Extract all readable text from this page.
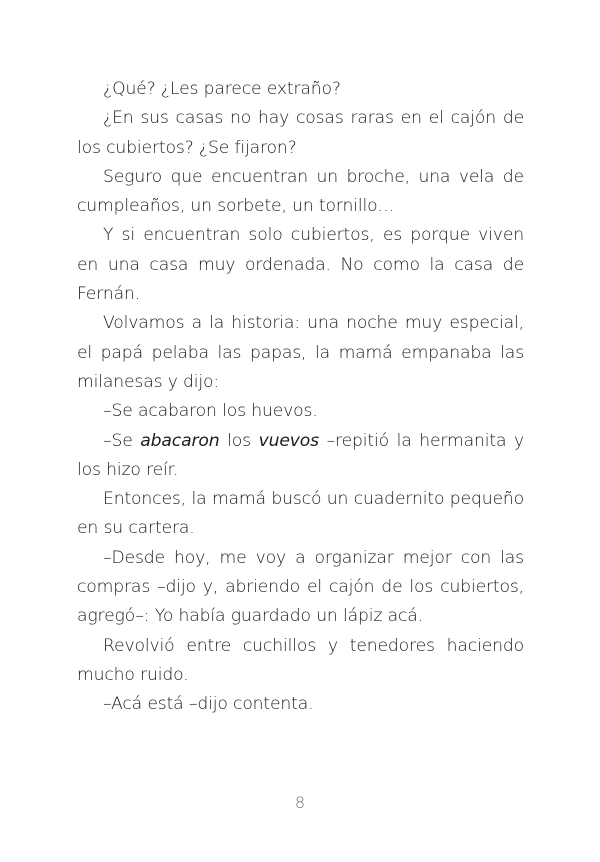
¿Qué? ¿Les parece extraño?

¿En sus casas no hay cosas raras en el cajón de los cubiertos? ¿Se fijaron?

Seguro que encuentran un broche, una vela de cumpleaños, un sorbete, un tornillo…

Y si encuentran solo cubiertos, es porque viven en una casa muy ordenada. No como la casa de Fernán.

Volvamos a la historia: una noche muy especial, el papá pelaba las papas, la mamá empanaba las milanesas y dijo:

–Se acabaron los huevos.

–Se abacaron los vuevos –repitió la hermanita y los hizo reír.

Entonces, la mamá buscó un cuadernito pequeño en su cartera.

–Desde hoy, me voy a organizar mejor con las compras –dijo y, abriendo el cajón de los cubiertos, agregó–: Yo había guardado un lápiz acá.

Revolvió entre cuchillos y tenedores haciendo mucho ruido.

–Acá está –dijo contenta.

8
